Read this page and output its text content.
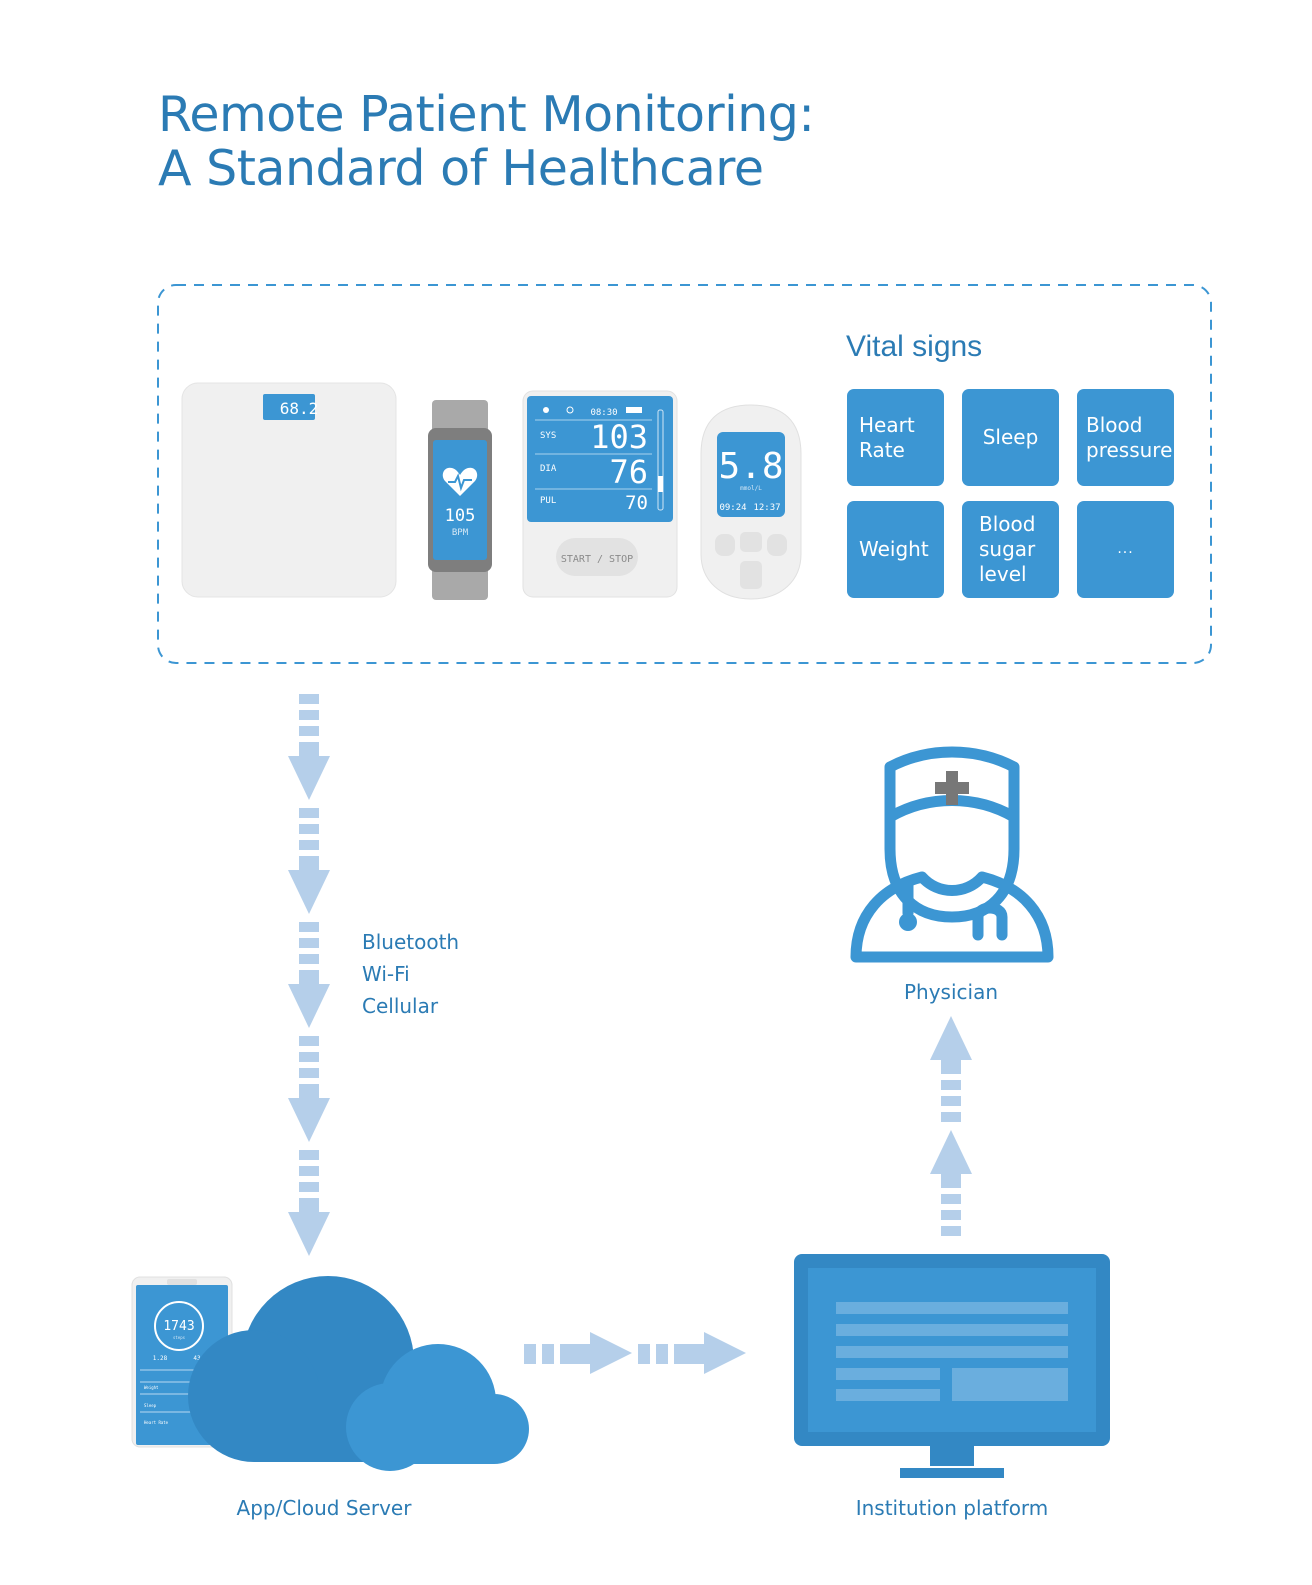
Remote Patient Monitoring:
A Standard of Healthcare
68.2
105
BPM
08:30
SYS 103
DIA 76
PUL	70
START / STOP
5.8
mmol/L
09:24 12:37
Vital signs
Heart
Rate
Sleep
Blood
pressure
Weight
Blood
sugar
level
...
Bluetooth
Wi-Fi
Cellular
Physician
1743
steps
1.28	43
Weight
Sleep
Heart Rate
App/Cloud Server	Institution platform
